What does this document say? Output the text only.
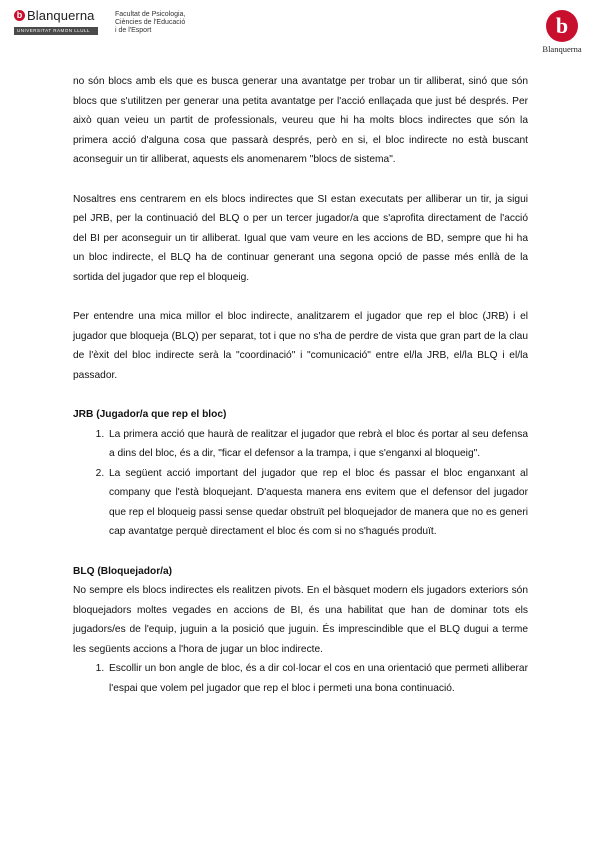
b Blanquerna
UNIVERSITAT RAMON LLULL
Facultat de Psicologia,
Ciències de l'Educació
i de l'Esport	b
Blanquerna

no són blocs amb els que es busca generar una avantatge per trobar un tir alliberat, sinó que són blocs que s'utilitzen per generar una petita avantatge per l'acció enllaçada que just bé després. Per això quan veieu un partit de professionals, veureu que hi ha molts blocs indirectes que són la primera acció d'alguna cosa que passarà després, però en si, el bloc indirecte no està buscant aconseguir un tir alliberat, aquests els anomenarem "blocs de sistema".

Nosaltres ens centrarem en els blocs indirectes que SI estan executats per alliberar un tir, ja sigui pel JRB, per la continuació del BLQ o per un tercer jugador/a que s'aprofita directament de l'acció del BI per aconseguir un tir alliberat. Igual que vam veure en les accions de BD, sempre que hi ha un bloc indirecte, el BLQ ha de continuar generant una segona opció de passe més enllà de la sortida del jugador que rep el bloqueig.

Per entendre una mica millor el bloc indirecte, analitzarem el jugador que rep el bloc (JRB) i el jugador que bloqueja (BLQ) per separat, tot i que no s'ha de perdre de vista que gran part de la clau de l'èxit del bloc indirecte serà la "coordinació" i "comunicació" entre el/la JRB, el/la BLQ i el/la passador.

JRB (Jugador/a que rep el bloc)
1. La primera acció que haurà de realitzar el jugador que rebrà el bloc és portar al seu defensa a dins del bloc, és a dir, "ficar el defensor a la trampa, i que s'enganxi al bloqueig".
2. La següent acció important del jugador que rep el bloc és passar el bloc enganxant al company que l'està bloquejant. D'aquesta manera ens evitem que el defensor del jugador que rep el bloqueig passi sense quedar obstruït pel bloquejador de manera que no es generi cap avantatge perquè directament el bloc és com si no s'hagués produït.
BLQ (Bloquejador/a)

No sempre els blocs indirectes els realitzen pivots. En el bàsquet modern els jugadors exteriors són bloquejadors moltes vegades en accions de BI, és una habilitat que han de dominar tots els jugadors/es de l'equip, juguin a la posició que juguin. És imprescindible que el BLQ dugui a terme les següents accions a l'hora de jugar un bloc indirecte.

1. Escollir un bon angle de bloc, és a dir col·locar el cos en una orientació que permeti alliberar l'espai que volem pel jugador que rep el bloc i permeti una bona continuació.
